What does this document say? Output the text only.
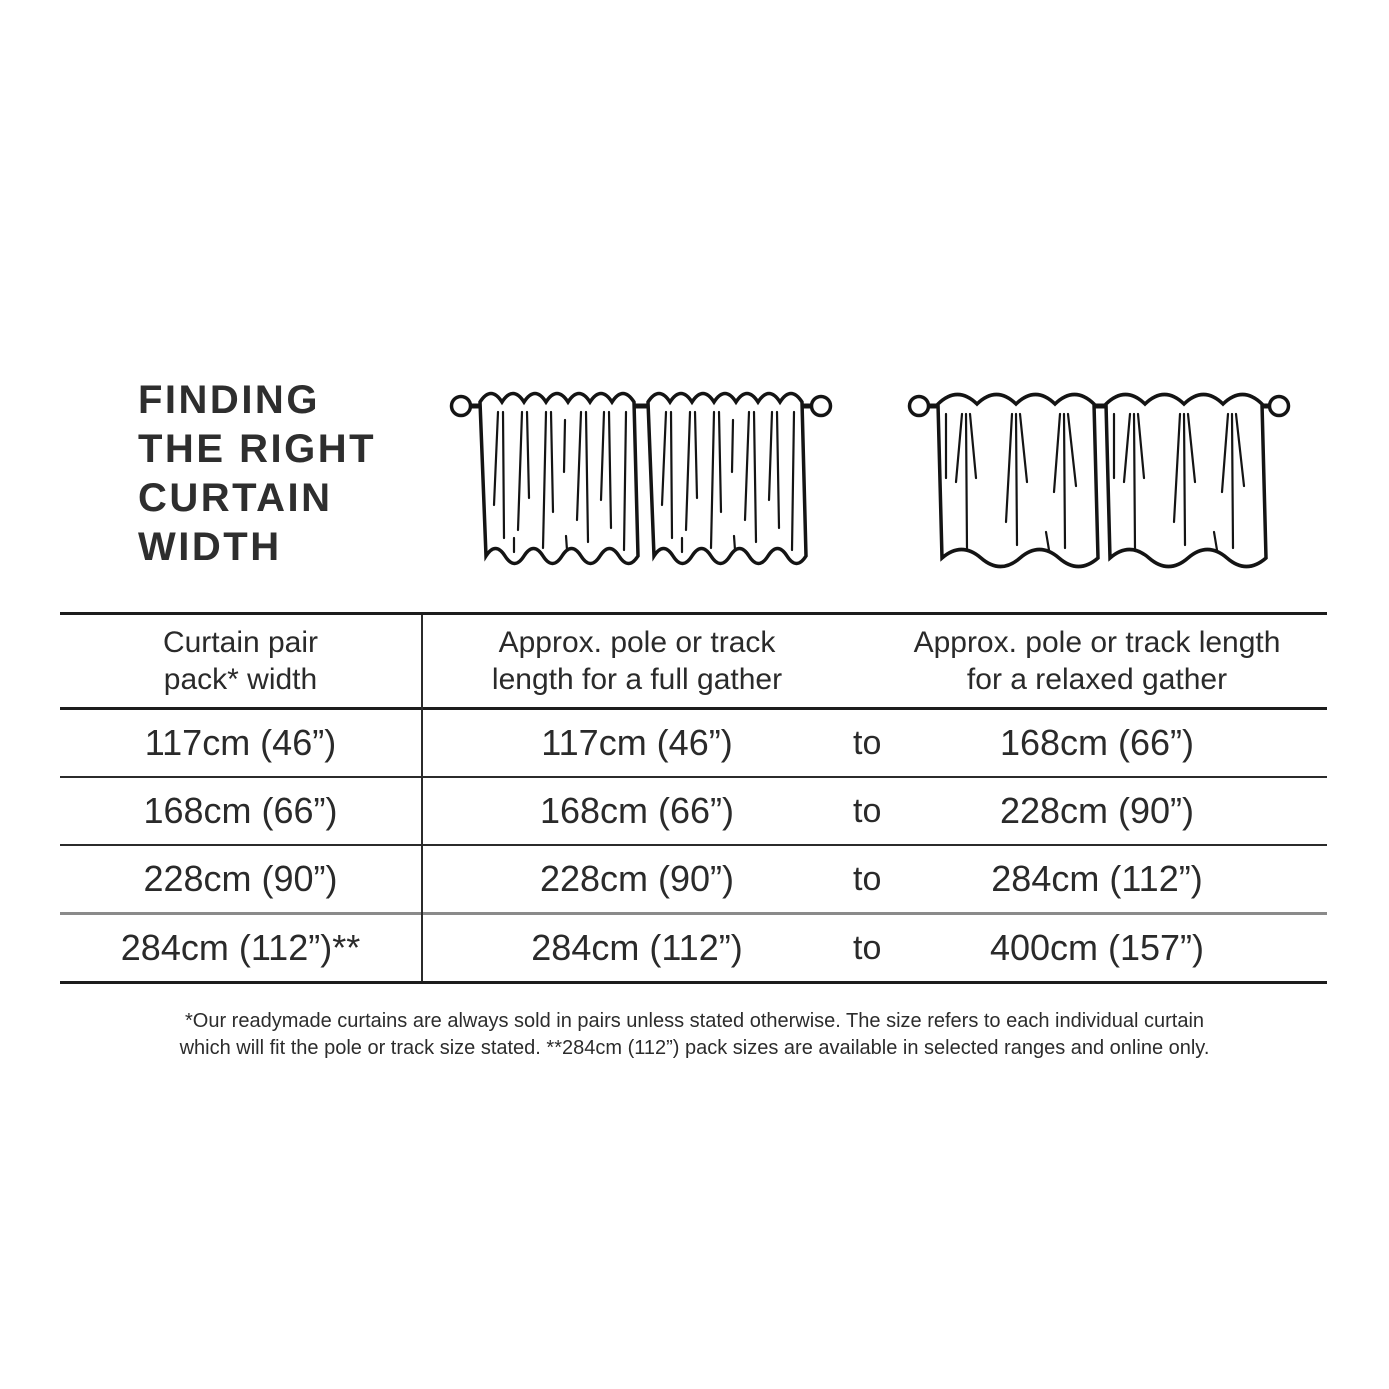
FINDING
THE RIGHT
CURTAIN
WIDTH
Curtain pair
pack* width
Approx. pole or track
length for a full gather
Approx. pole or track length
for a relaxed gather
117cm (46”)	117cm (46”)	to	168cm (66”)
168cm (66”)	168cm (66”)	to	228cm (90”)
228cm (90”)	228cm (90”)	to	284cm (112”)
284cm (112”)**	284cm (112”)	to	400cm (157”)
*Our readymade curtains are always sold in pairs unless stated otherwise. The size refers to each individual curtain
which will fit the pole or track size stated. **284cm (112”) pack sizes are available in selected ranges and online only.
